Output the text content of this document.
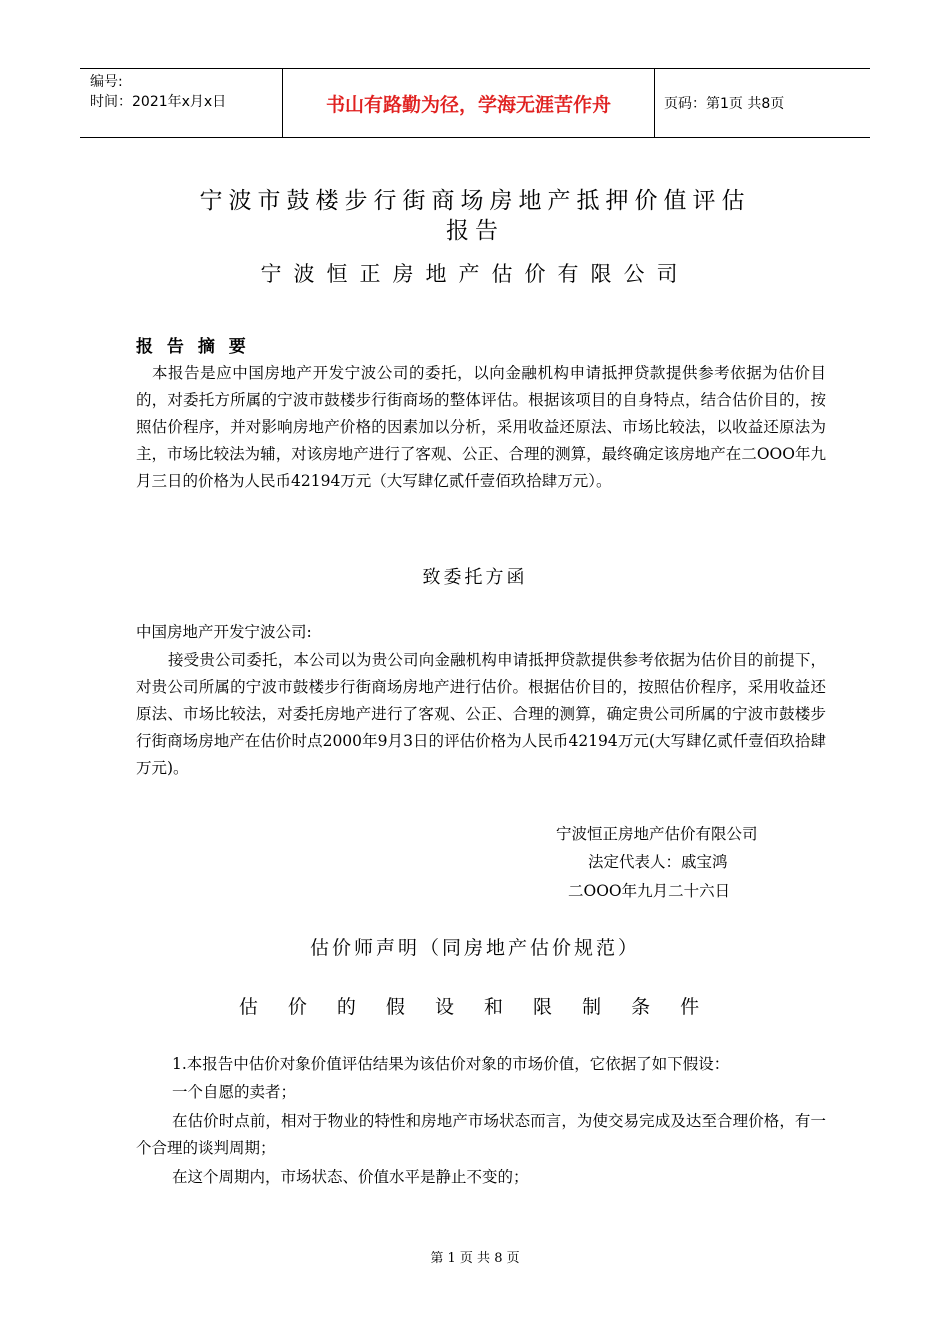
编号:
时间：2021年x月x日	书山有路勤为径，学海无涯苦作舟	页码：第1页 共8页
宁波市鼓楼步行街商场房地产抵押价值评估
报告
宁波恒正房地产估价有限公司
报 告 摘 要
本报告是应中国房地产开发宁波公司的委托，以向金融机构申请抵押贷款提供参考依据为估价目的，对委托方所属的宁波市鼓楼步行街商场的整体评估。根据该项目的自身特点，结合估价目的，按照估价程序，并对影响房地产价格的因素加以分析，采用收益还原法、市场比较法，以收益还原法为主，市场比较法为辅，对该房地产进行了客观、公正、合理的测算，最终确定该房地产在二OOO年九月三日的价格为人民币42194万元（大写肆亿贰仟壹佰玖拾肆万元）。
致委托方函
中国房地产开发宁波公司:
接受贵公司委托，本公司以为贵公司向金融机构申请抵押贷款提供参考依据为估价目的前提下，对贵公司所属的宁波市鼓楼步行街商场房地产进行估价。根据估价目的，按照估价程序，采用收益还原法、市场比较法，对委托房地产进行了客观、公正、合理的测算，确定贵公司所属的宁波市鼓楼步行街商场房地产在估价时点2000年9月3日的评估价格为人民币42194万元(大写肆亿贰仟壹佰玖拾肆万元)。
宁波恒正房地产估价有限公司
法定代表人：戚宝鸿
二OOO年九月二十六日
估价师声明（同房地产估价规范）
估 价 的 假 设 和 限 制 条 件
1.本报告中估价对象价值评估结果为该估价对象的市场价值，它依据了如下假设：
一个自愿的卖者；
在估价时点前，相对于物业的特性和房地产市场状态而言，为使交易完成及达至合理价格，有一个合理的谈判周期；
在这个周期内，市场状态、价值水平是静止不变的；
第 1 页 共 8 页
